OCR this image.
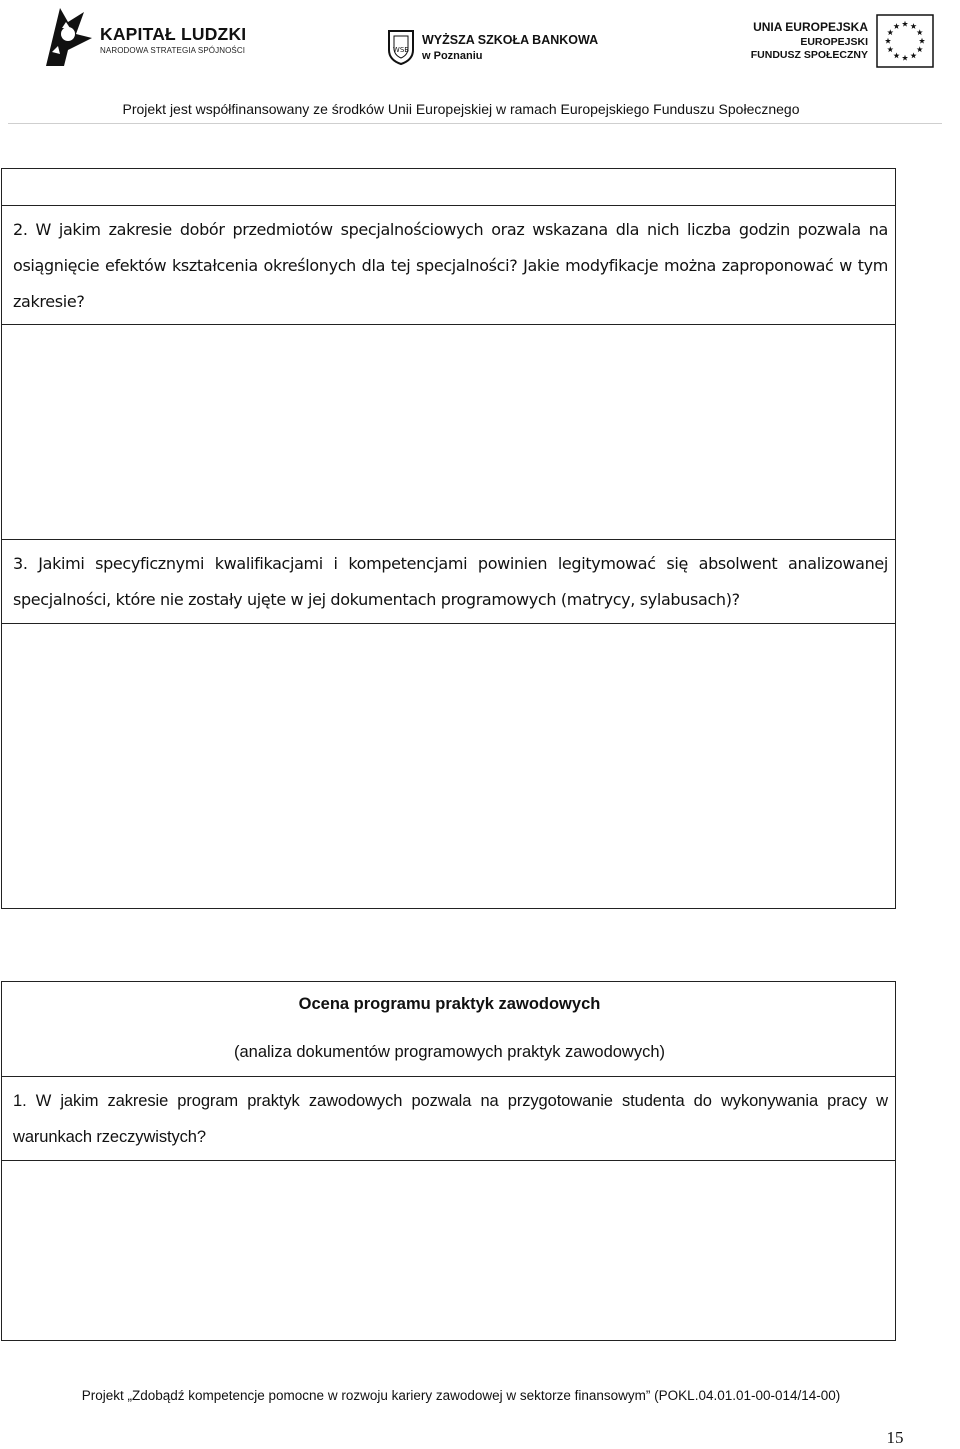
KAPITAŁ LUDZKI
NARODOWA STRATEGIA SPÓJNOŚCI	WSB
WYŻSZA SZKOŁA BANKOWA
w Poznaniu
UNIA EUROPEJSKA
EUROPEJSKI
FUNDUSZ SPOŁECZNY
Projekt jest współfinansowany ze środków Unii Europejskiej w ramach Europejskiego Funduszu Społecznego
2. W jakim zakresie dobór przedmiotów specjalnościowych oraz wskazana dla nich liczba godzin pozwala na osiągnięcie efektów kształcenia określonych dla tej specjalności? Jakie modyfikacje można zaproponować w tym zakresie?
3. Jakimi specyficznymi kwalifikacjami i kompetencjami powinien legitymować się absolwent analizowanej specjalności, które nie zostały ujęte w jej dokumentach programowych (matrycy, sylabusach)?
Ocena programu praktyk zawodowych
(analiza dokumentów programowych praktyk zawodowych)
1. W jakim zakresie program praktyk zawodowych pozwala na przygotowanie studenta do wykonywania pracy w warunkach rzeczywistych?
Projekt „Zdobądź kompetencje pomocne w rozwoju kariery zawodowej w sektorze finansowym” (POKL.04.01.01-00-014/14-00)
15
